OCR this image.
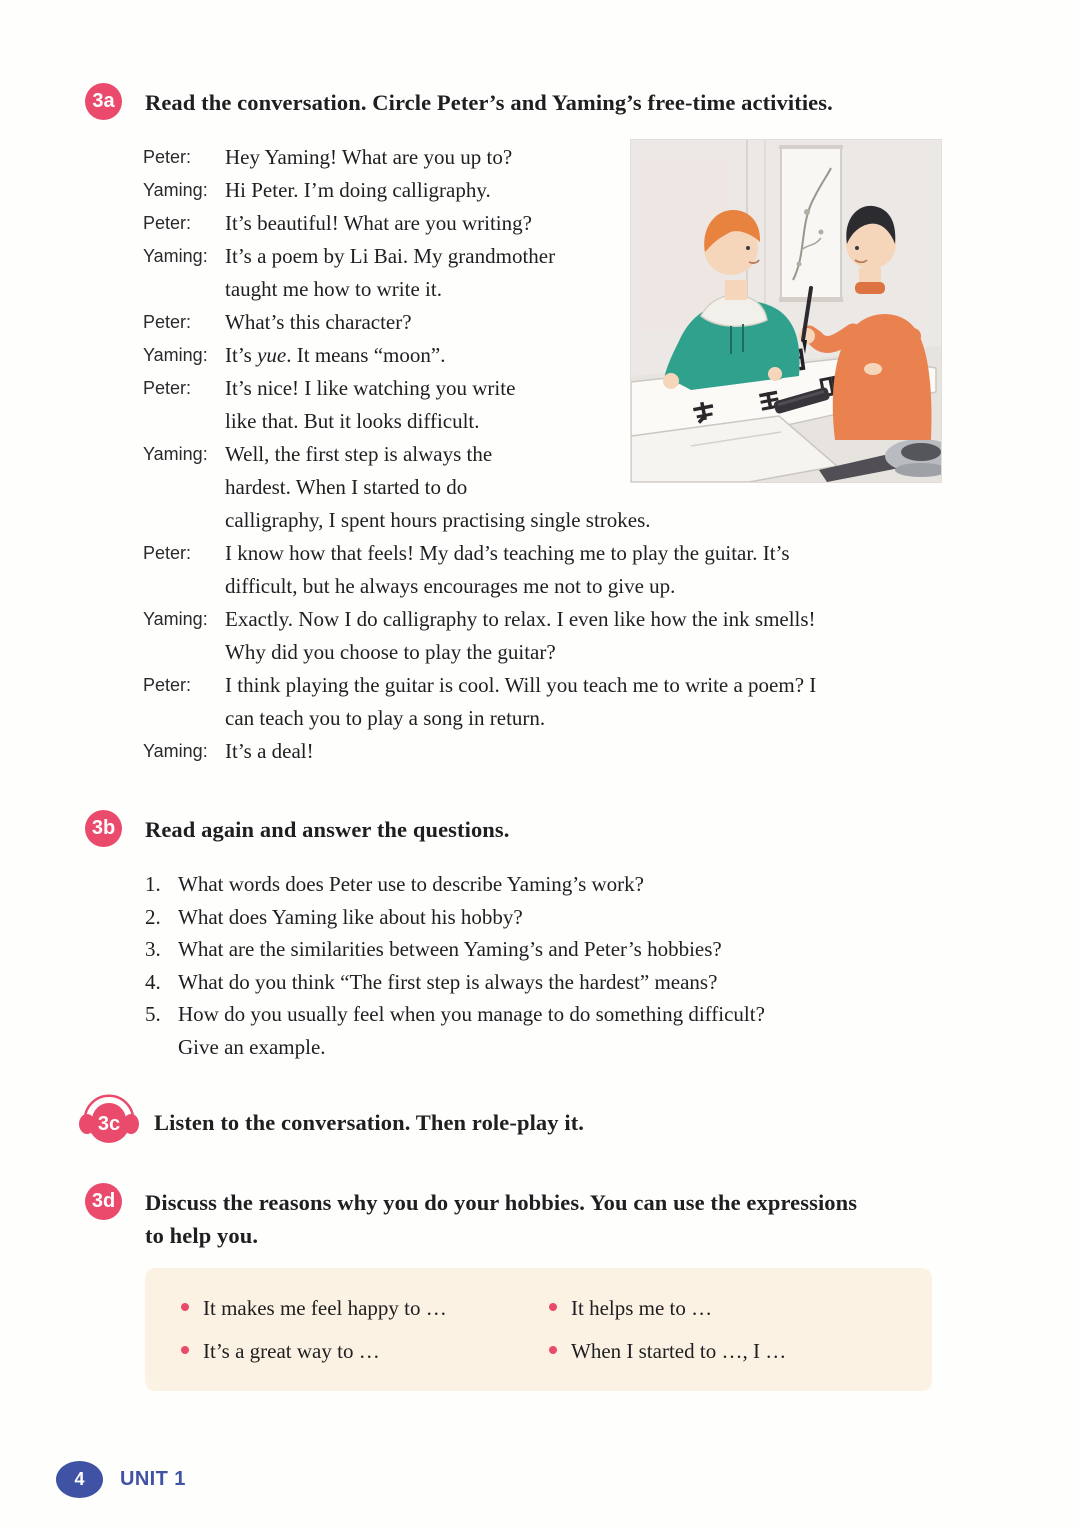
3a	Read the conversation. Circle Peter’s and Yaming’s free-time activities.
Peter:	Hey Yaming! What are you up to?
Yaming: Hi Peter. I’m doing calligraphy.
Peter:	It’s beautiful! What are you writing?
Yaming: It’s a poem by Li Bai. My grandmother
taught me how to write it.
Peter:	What’s this character?
Yaming: It’s yue. It means “moon”.
Peter:	It’s nice! I like watching you write
like that. But it looks difficult.
Yaming: Well, the first step is always the
hardest. When I started to do
calligraphy, I spent hours practising single strokes.
Peter:	I know how that feels! My dad’s teaching me to play the guitar. It’s
difficult, but he always encourages me not to give up.
Yaming: Exactly. Now I do calligraphy to relax. I even like how the ink smells!
Why did you choose to play the guitar?
Peter:	I think playing the guitar is cool. Will you teach me to write a poem? I
can teach you to play a song in return.
Yaming: It’s a deal!
3b	Read again and answer the questions.
1. What words does Peter use to describe Yaming’s work?
2. What does Yaming like about his hobby?
3. What are the similarities between Yaming’s and Peter’s hobbies?
4. What do you think “The first step is always the hardest” means?
5. How do you usually feel when you manage to do something difficult?
Give an example.
3c Listen to the conversation. Then role-play it.
3d	Discuss the reasons why you do your hobbies. You can use the expressions
to help you.
It makes me feel happy to …	It helps me to …
It’s a great way to …	When I started to …, I …
4	UNIT 1
